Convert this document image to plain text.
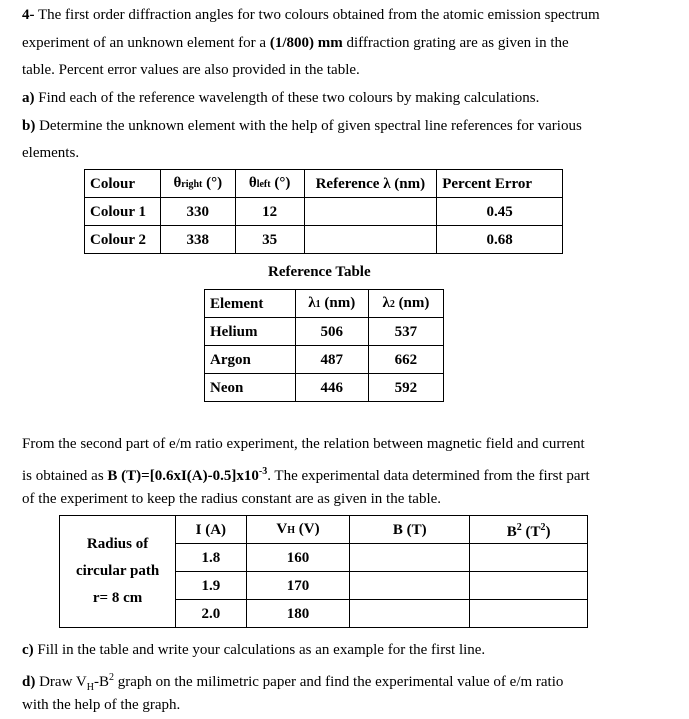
4- The first order diffraction angles for two colours obtained from the atomic emission spectrum
experiment of an unknown element for a (1/800) mm diffraction grating are as given in the
table. Percent error values are also provided in the table.
a) Find each of the reference wavelength of these two colours by making calculations.
b) Determine the unknown element with the help of given spectral line references for various
elements.
Colour	θright (°)	θleft (°)	Reference λ (nm)	Percent Error
Colour 1	330	12		0.45
Colour 2	338	35		0.68
Reference Table
Element	λ1 (nm)	λ2 (nm)
Helium	506	537
Argon	487	662
Neon	446	592
From the second part of e/m ratio experiment, the relation between magnetic field and current
is obtained as B $(T)=[0.6xI(A)-0.5]x10^{-3}$. The experimental data determined from the first part
of the experiment to keep the radius constant are as given in the table.
Radius of
circular path
r= 8 cm	I (A)	VH (V)	B (T)	$B^2$ $(T^2)$
	1.8	160		
	1.9	170		
	2.0	180		
c) Fill in the table and write your calculations as an example for the first line.
d) Draw $V_H-B^2$ graph on the milimetric paper and find the experimental value of e/m ratio
with the help of the graph.
